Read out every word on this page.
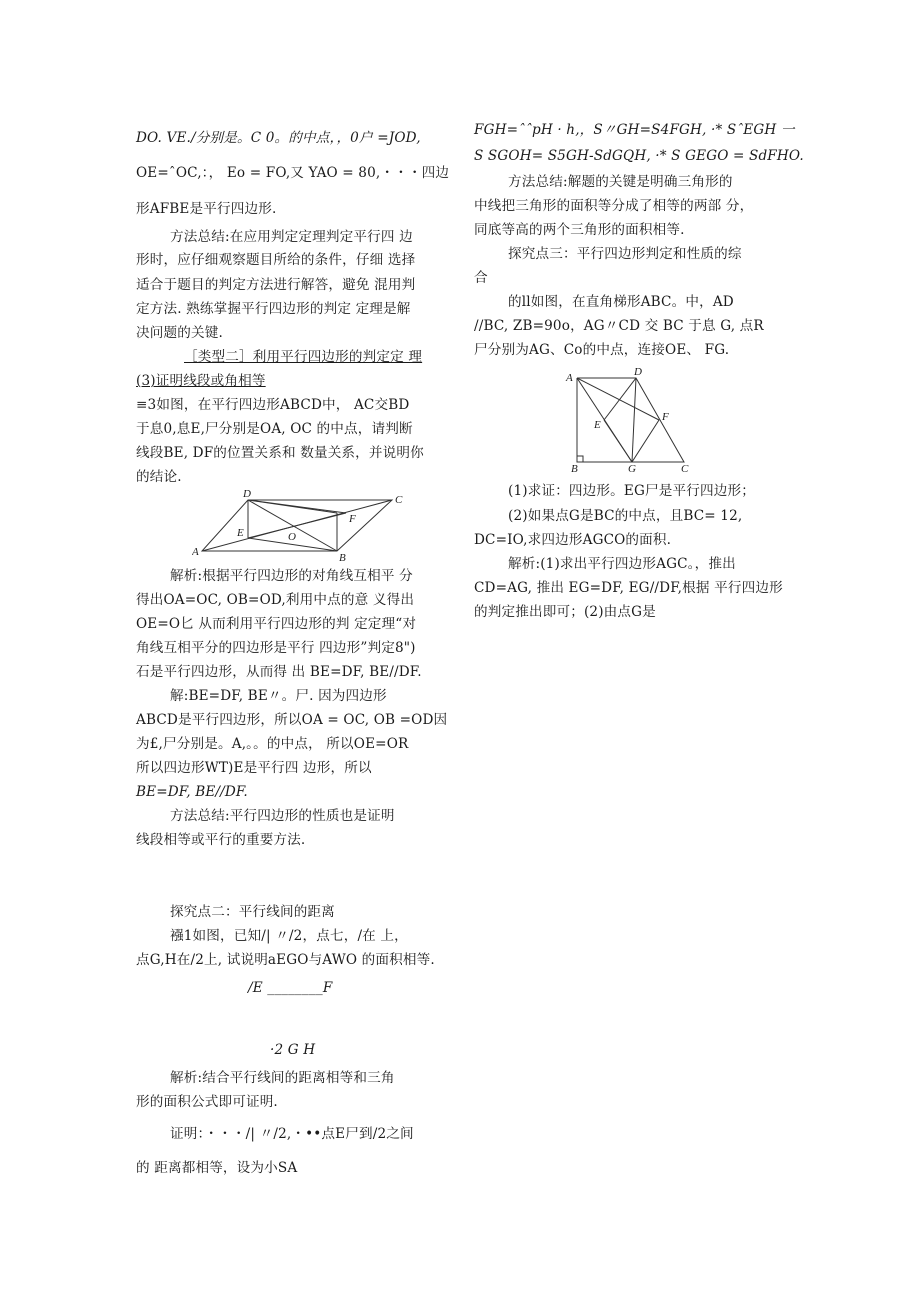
DO. VE./分别是。C 0。的中点，，0户 =JOD,
OE=ˆOC,：， Eo = FO,又 YAO = 80,・・・四边
形AFBE是平行四边形.
方法总结:在应用判定定理判定平行四 边
形时，应仔细观察题目所给的条件，仔细 选择
适合于题目的判定方法进行解答，避免 混用判
定方法. 熟练掌握平行四边形的判定 定理是解
决问题的关键.
［类型二］利用平行四边形的判定定 理
(3)证明线段或角相等
≡3如图，在平行四边形ABCD中， AC交BD
于息0,息E,尸分别是OA, OC 的中点，请判断
线段BE, DF的位置关系和 数量关系，并说明你
的结论.
A	B
C
D
E
F
O
解析:根据平行四边形的对角线互相平 分
得出OA=OC, OB=OD,利用中点的意 义得出
OE=O匕 从而利用平行四边形的判 定定理“对
角线互相平分的四边形是平行 四边形”判定8")
石是平行四边形，从而得 出 BE=DF, BE//DF.
解:BE=DF, BE〃。尸. 因为四边形
ABCD是平行四边形，所以OA = OC, OB =OD因
为£,尸分别是。A,。。的中点， 所以OE=OR
所以四边形WT)E是平行四 边形，所以
BE=DF, BE//DF.
方法总结:平行四边形的性质也是证明
线段相等或平行的重要方法.
探究点二：平行线间的距离
襁1如图，已知/| 〃/2，点七，/在 上，
点G,H在/2上, 试说明aEGO与AWO 的面积相等.
/E ________F
·2 G H
解析:结合平行线间的距离相等和三角
形的面积公式即可证明.
证明：・・・/| 〃/2,・••点E尸到/2之间
的 距离都相等，设为小SA
FGH=ˆˆpH · h,，S〃GH=S4FGH, ·* SˆEGH 一
S SGOH= S5GH-SdGQH, ·* S GEGO = SdFHO.
方法总结:解题的关键是明确三角形的
中线把三角形的面积等分成了相等的两部 分，
同底等高的两个三角形的面积相等.
探究点三：平行四边形判定和性质的综
合
的ll如图，在直角梯形ABC。中，AD
//BC, ZB=90o，AG〃CD 交 BC 于息 G, 点R
尸分别为AG、Co的中点，连接OE、 FG.
A	D
E
F
B	G	C
(1)求证：四边形。EG尸是平行四边形；
(2)如果点G是BC的中点，且BC= 12,
DC=IO,求四边形AGCO的面积.
解析:(1)求出平行四边形AGC。，推出
CD=AG, 推出 EG=DF, EG//DF,根据 平行四边形
的判定推出即可；(2)由点G是
